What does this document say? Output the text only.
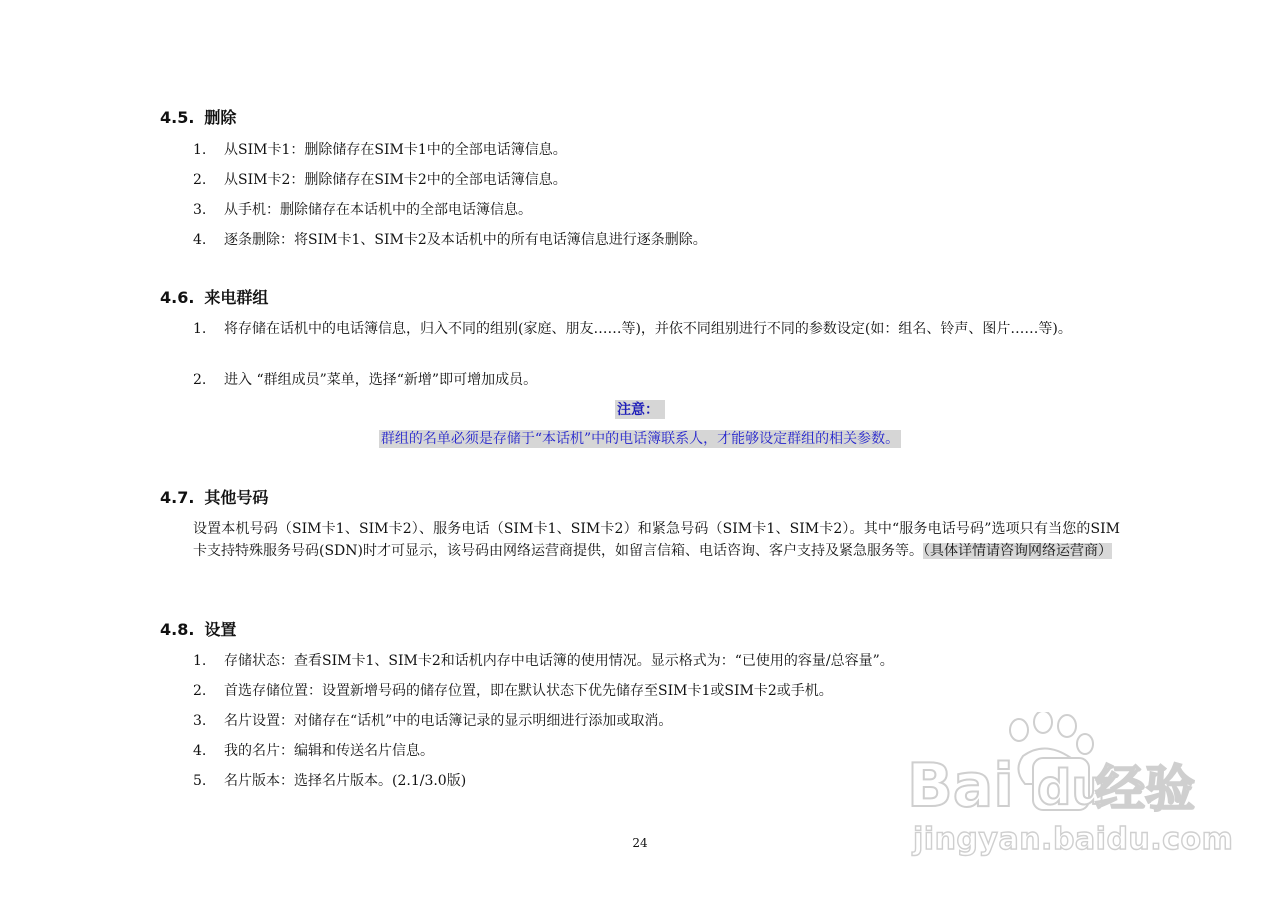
4.5. 删除
1. 从SIM卡1：删除储存在SIM卡1中的全部电话簿信息。
2. 从SIM卡2：删除储存在SIM卡2中的全部电话簿信息。
3. 从手机：删除储存在本话机中的全部电话簿信息。
4. 逐条删除：将SIM卡1、SIM卡2及本话机中的所有电话簿信息进行逐条删除。
4.6. 来电群组
1. 将存储在话机中的电话簿信息，归入不同的组别(家庭、朋友……等)，并依不同组别进行不同的参数设定(如：组名、铃声、图片……等)。
2. 进入 “群组成员”菜单，选择“新增”即可增加成员。
注意：
群组的名单必须是存储于“本话机”中的电话簿联系人，才能够设定群组的相关参数。
4.7. 其他号码
设置本机号码（SIM卡1、SIM卡2）、服务电话（SIM卡1、SIM卡2）和紧急号码（SIM卡1、SIM卡2）。其中“服务电话号码”选项只有当您的SIM卡支持特殊服务号码(SDN)时才可显示，该号码由网络运营商提供，如留言信箱、电话咨询、客户支持及紧急服务等。（具体详情请咨询网络运营商）
4.8. 设置
1. 存储状态：查看SIM卡1、SIM卡2和话机内存中电话簿的使用情况。显示格式为：“已使用的容量/总容量”。
2. 首选存储位置：设置新增号码的储存位置，即在默认状态下优先储存至SIM卡1或SIM卡2或手机。
3. 名片设置：对储存在“话机”中的电话簿记录的显示明细进行添加或取消。
4. 我的名片：编辑和传送名片信息。
5. 名片版本：选择名片版本。(2.1/3.0版)	Bai du
经验
jingyan.baidu.com
24
